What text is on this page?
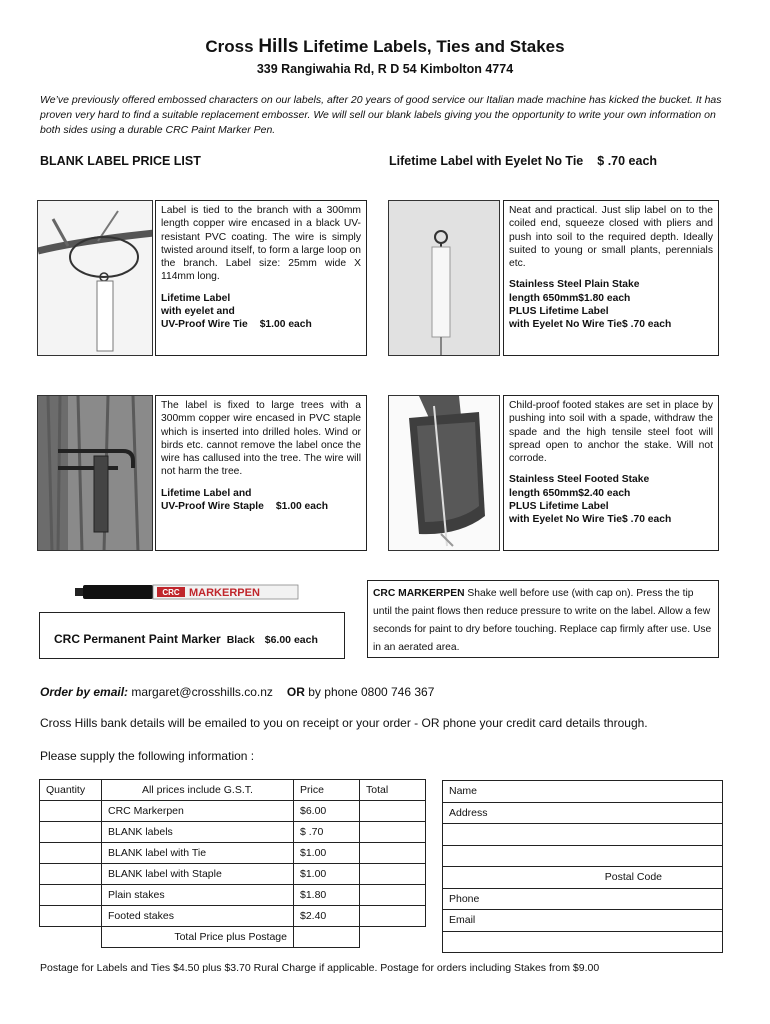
Cross Hills Lifetime Labels, Ties and Stakes
339 Rangiwahia Rd, R D 54 Kimbolton 4774
We’ve previously offered embossed characters on our labels, after 20 years of good service our Italian made machine has kicked the bucket. It has proven very hard to find a suitable replacement embosser. We will sell our blank labels giving you the opportunity to write your own information on both sides using a durable CRC Paint Marker Pen.
BLANK LABEL PRICE LIST	Lifetime Label with Eyelet No Tie $ .70 each
Label is tied to the branch with a 300mm length copper wire encased in a black UV-resistant PVC coating. The wire is simply twisted around itself, to form a large loop on the branch. Label size: 25mm wide X 114mm long.
Lifetime Label
with eyelet and
UV-Proof Wire Tie $1.00 each
Neat and practical. Just slip label on to the coiled end, squeeze closed with pliers and push into soil to the required depth. Ideally suited to young or small plants, perennials etc.
Stainless Steel Plain Stake
length 650mm$1.80 each
PLUS Lifetime Label
with Eyelet No Wire Tie$ .70 each
The label is fixed to large trees with a 300mm copper wire encased in PVC staple which is inserted into drilled holes. Wind or birds etc. cannot remove the label once the wire has callused into the tree. The wire will not harm the tree.
Lifetime Label and
UV-Proof Wire Staple $1.00 each
Child-proof footed stakes are set in place by pushing into soil with a spade, withdraw the spade and the high tensile steel foot will spread open to anchor the stake. Will not corrode.
Stainless Steel Footed Stake
length 650mm$2.40 each
PLUS Lifetime Label
with Eyelet No Wire Tie$ .70 each
CRC MARKERPEN
CRC Permanent Paint Marker Black $6.00 each
CRC MARKERPEN Shake well before use (with cap on). Press the tip until the paint flows then reduce pressure to write on the label. Allow a few seconds for paint to dry before touching. Replace cap firmly after use. Use in an aerated area.
Order by email: margaret@crosshills.co.nz OR by phone 0800 746 367
Cross Hills bank details will be emailed to you on receipt or your order - OR phone your credit card details through.
Please supply the following information :
Quantity	All prices include G.S.T.	Price	Total
	CRC Markerpen	$6.00	
	BLANK labels	$ .70	
	BLANK label with Tie	$1.00	
	BLANK label with Staple	$1.00	
	Plain stakes	$1.80	
	Footed stakes	$2.40	
	Total Price plus Postage		
Name
Address

Postal Code
Phone
Email

Postage for Labels and Ties $4.50 plus $3.70 Rural Charge if applicable. Postage for orders including Stakes from $9.00
